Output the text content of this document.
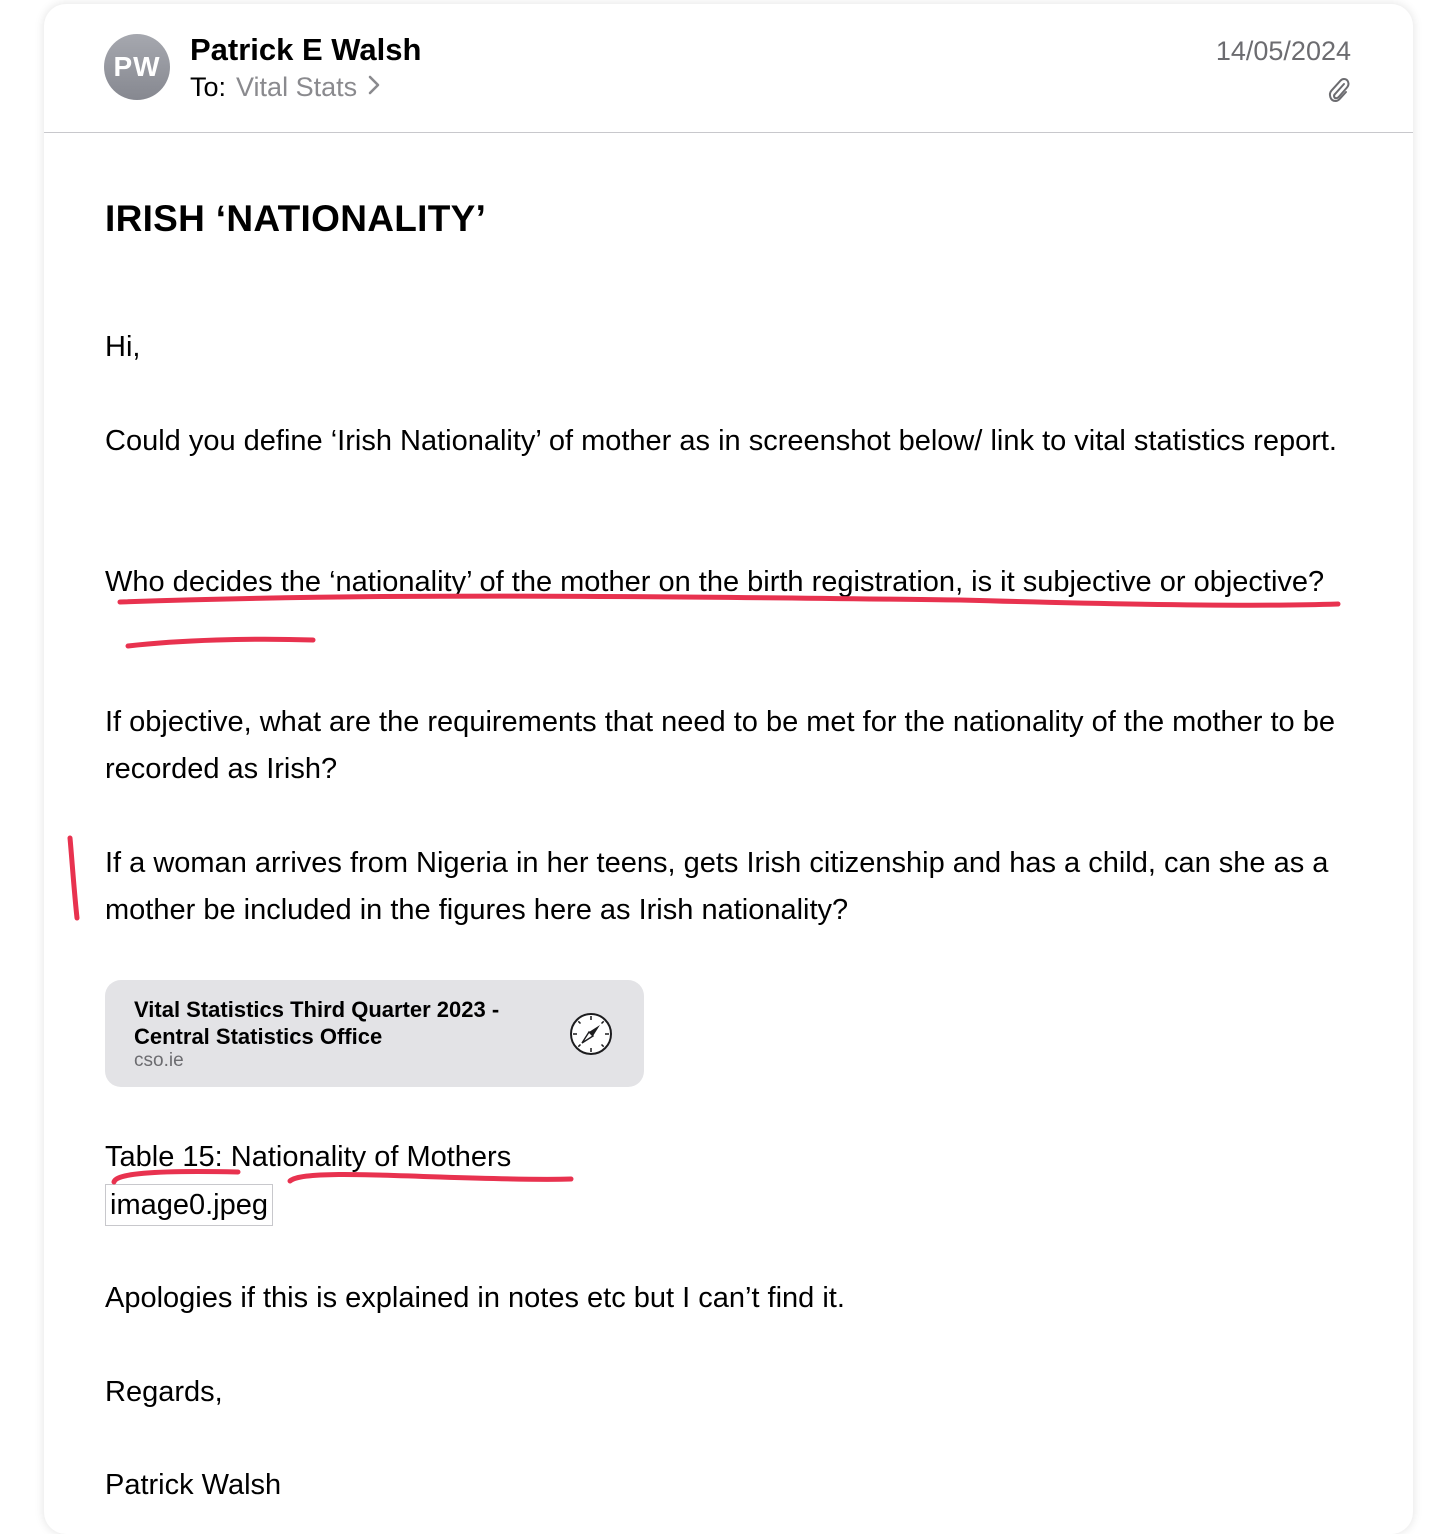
PW Patrick E Walsh
To: Vital Stats
14/05/2024
IRISH ‘NATIONALITY’
Hi,
Could you define ‘Irish Nationality’ of mother as in screenshot below/ link to vital statistics report.
Who decides the ‘nationality’ of the mother on the birth registration, is it subjective or objective?
If objective, what are the requirements that need to be met for the nationality of the mother to be recorded as Irish?
If a woman arrives from Nigeria in her teens, gets Irish citizenship and has a child, can she as a mother be included in the figures here as Irish nationality?
Vital Statistics Third Quarter 2023 - Central Statistics Office
cso.ie
Table 15: Nationality of Mothers
image0.jpeg
Apologies if this is explained in notes etc but I can’t find it.
Regards,
Patrick Walsh
